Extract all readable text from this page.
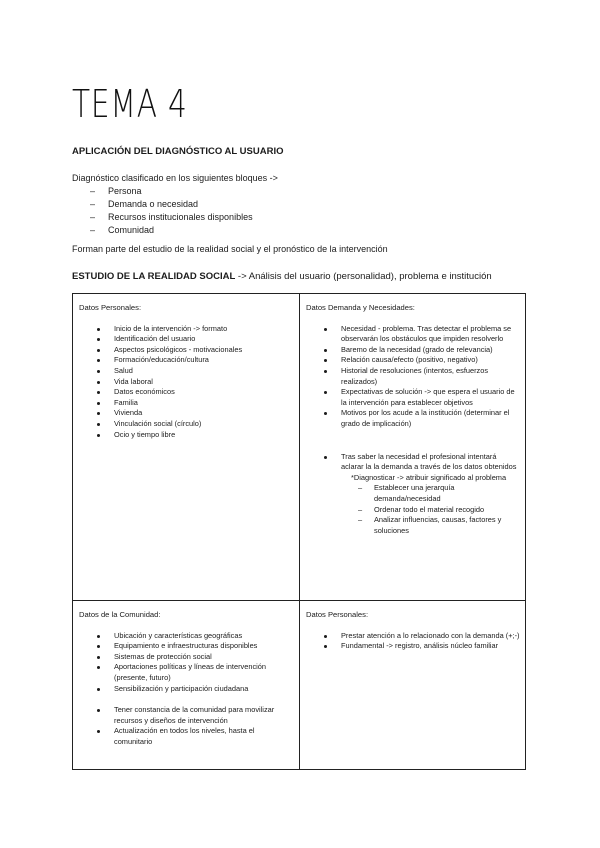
TEMA 4
APLICACIÓN DEL DIAGNÓSTICO AL USUARIO
Diagnóstico clasificado en los siguientes bloques ->
– Persona
– Demanda o necesidad
– Recursos institucionales disponibles
– Comunidad

Forman parte del estudio de la realidad social y el pronóstico de la intervención

ESTUDIO DE LA REALIDAD SOCIAL -> Análisis del usuario (personalidad), problema e institución

Datos Personales:

Inicio de la intervención -> formato
Identificación del usuario
Aspectos psicológicos - motivacionales
Formación/educación/cultura
Salud
Vida laboral
Datos económicos
Familia
Vivienda
Vinculación social (círculo)
Ocio y tiempo libre

Datos Demanda y Necesidades:

Necesidad - problema. Tras detectar el problema se observarán los obstáculos que impiden resolverlo
Baremo de la necesidad (grado de relevancia)
Relación causa/efecto (positivo, negativo)
Historial de resoluciones (intentos, esfuerzos realizados)
Expectativas de solución -> que espera el usuario de la intervención para establecer objetivos
Motivos por los acude a la institución (determinar el grado de implicación)
Tras saber la necesidad el profesional intentará aclarar la la demanda a través de los datos obtenidos
*Diagnosticar -> atribuir significado al problema
– Establecer una jerarquía demanda/necesidad
– Ordenar todo el material recogido
– Analizar influencias, causas, factores y soluciones

Datos de la Comunidad:

Ubicación y características geográficas
Equipamiento e infraestructuras disponibles
Sistemas de protección social
Aportaciones políticas y líneas de intervención (presente, futuro)
Sensibilización y participación ciudadana
Tener constancia de la comunidad para movilizar recursos y diseños de intervención
Actualización en todos los niveles, hasta el comunitario

Datos Personales:

Prestar atención a lo relacionado con la demanda (+;-)
Fundamental -> registro, análisis núcleo familiar
